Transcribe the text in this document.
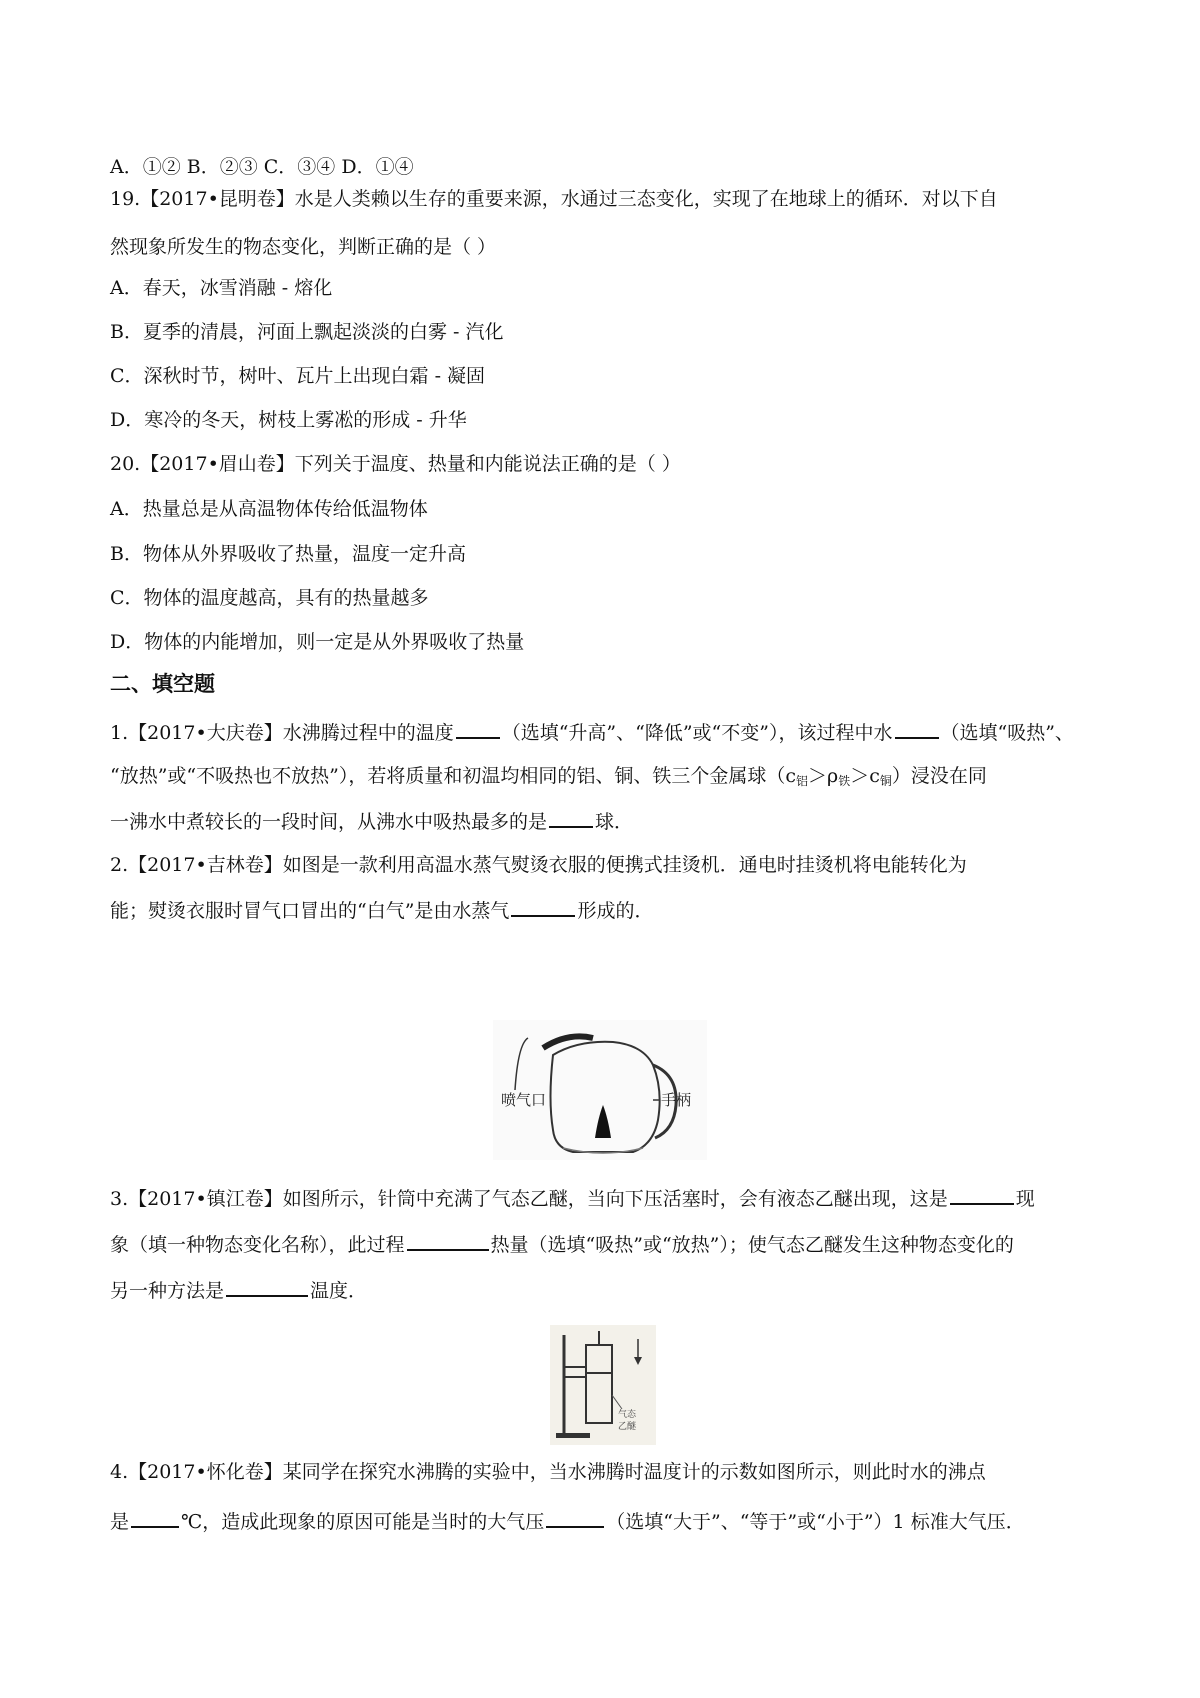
A．①② B．②③ C．③④ D．①④
19.【2017•昆明卷】水是人类赖以生存的重要来源，水通过三态变化，实现了在地球上的循环．对以下自
然现象所发生的物态变化，判断正确的是（ ）
A．春天，冰雪消融 - 熔化
B．夏季的清晨，河面上飘起淡淡的白雾 - 汽化
C．深秋时节，树叶、瓦片上出现白霜 - 凝固
D．寒冷的冬天，树枝上雾凇的形成 - 升华
20.【2017•眉山卷】下列关于温度、热量和内能说法正确的是（ ）
A．热量总是从高温物体传给低温物体
B．物体从外界吸收了热量，温度一定升高
C．物体的温度越高，具有的热量越多
D．物体的内能增加，则一定是从外界吸收了热量
二、填空题
1.【2017•大庆卷】水沸腾过程中的温度	（选填“升高”、“降低”或“不变”），该过程中水	（选填“吸热”、
“放热”或“不吸热也不放热”），若将质量和初温均相同的铝、铜、铁三个金属球$(c_铝>\rho_铁>c_铜)$浸没在同
一沸水中煮较长的一段时间，从沸水中吸热最多的是	球．
2.【2017•吉林卷】如图是一款利用高温水蒸气熨烫衣服的便携式挂烫机．通电时挂烫机将电能转化为
能；熨烫衣服时冒气口冒出的“白气”是由水蒸气	形成的．
喷气口	手柄
3.【2017•镇江卷】如图所示，针筒中充满了气态乙醚，当向下压活塞时，会有液态乙醚出现，这是	现
象（填一种物态变化名称），此过程	热量（选填“吸热”或“放热”）；使气态乙醚发生这种物态变化的
另一种方法是	温度．
气态
乙醚
4.【2017•怀化卷】某同学在探究水沸腾的实验中，当水沸腾时温度计的示数如图所示，则此时水的沸点
是	℃，造成此现象的原因可能是当时的大气压	（选填“大于”、“等于”或“小于”）1 标准大气压．
